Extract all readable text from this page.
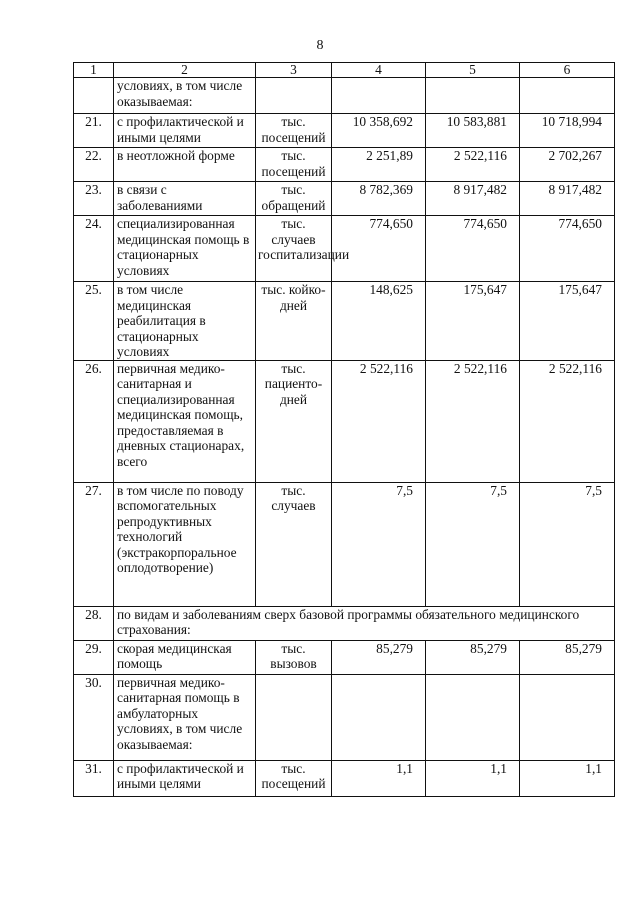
8
1	2	3	4	5	6
	условиях, в том числе оказываемая:				
21.	с профилактической и иными целями	тыс. посещений	10 358,692	10 583,881	10 718,994
22.	в неотложной форме	тыс. посещений	2 251,89	2 522,116	2 702,267
23.	в связи с заболеваниями	тыс. обращений	8 782,369	8 917,482	8 917,482
24.	специализированная медицинская помощь в стационарных условиях	тыс. случаев госпитализации	774,650	774,650	774,650
25.	в том числе медицинская реабилитация в стационарных условиях	тыс. койко-дней	148,625	175,647	175,647
26.	первичная медико-санитарная и специализированная медицинская помощь, предоставляемая в дневных стационарах, всего	тыс. пациенто-дней	2 522,116	2 522,116	2 522,116
27.	в том числе по поводу вспомогательных репродуктивных технологий (экстракорпоральное оплодотворение)	тыс. случаев	7,5	7,5	7,5
28.	по видам и заболеваниям сверх базовой программы обязательного медицинского страхования:				
29.	скорая медицинская помощь	тыс. вызовов	85,279	85,279	85,279
30.	первичная медико-санитарная помощь в амбулаторных условиях, в том числе оказываемая:				
31.	с профилактической и иными целями	тыс. посещений	1,1	1,1	1,1
